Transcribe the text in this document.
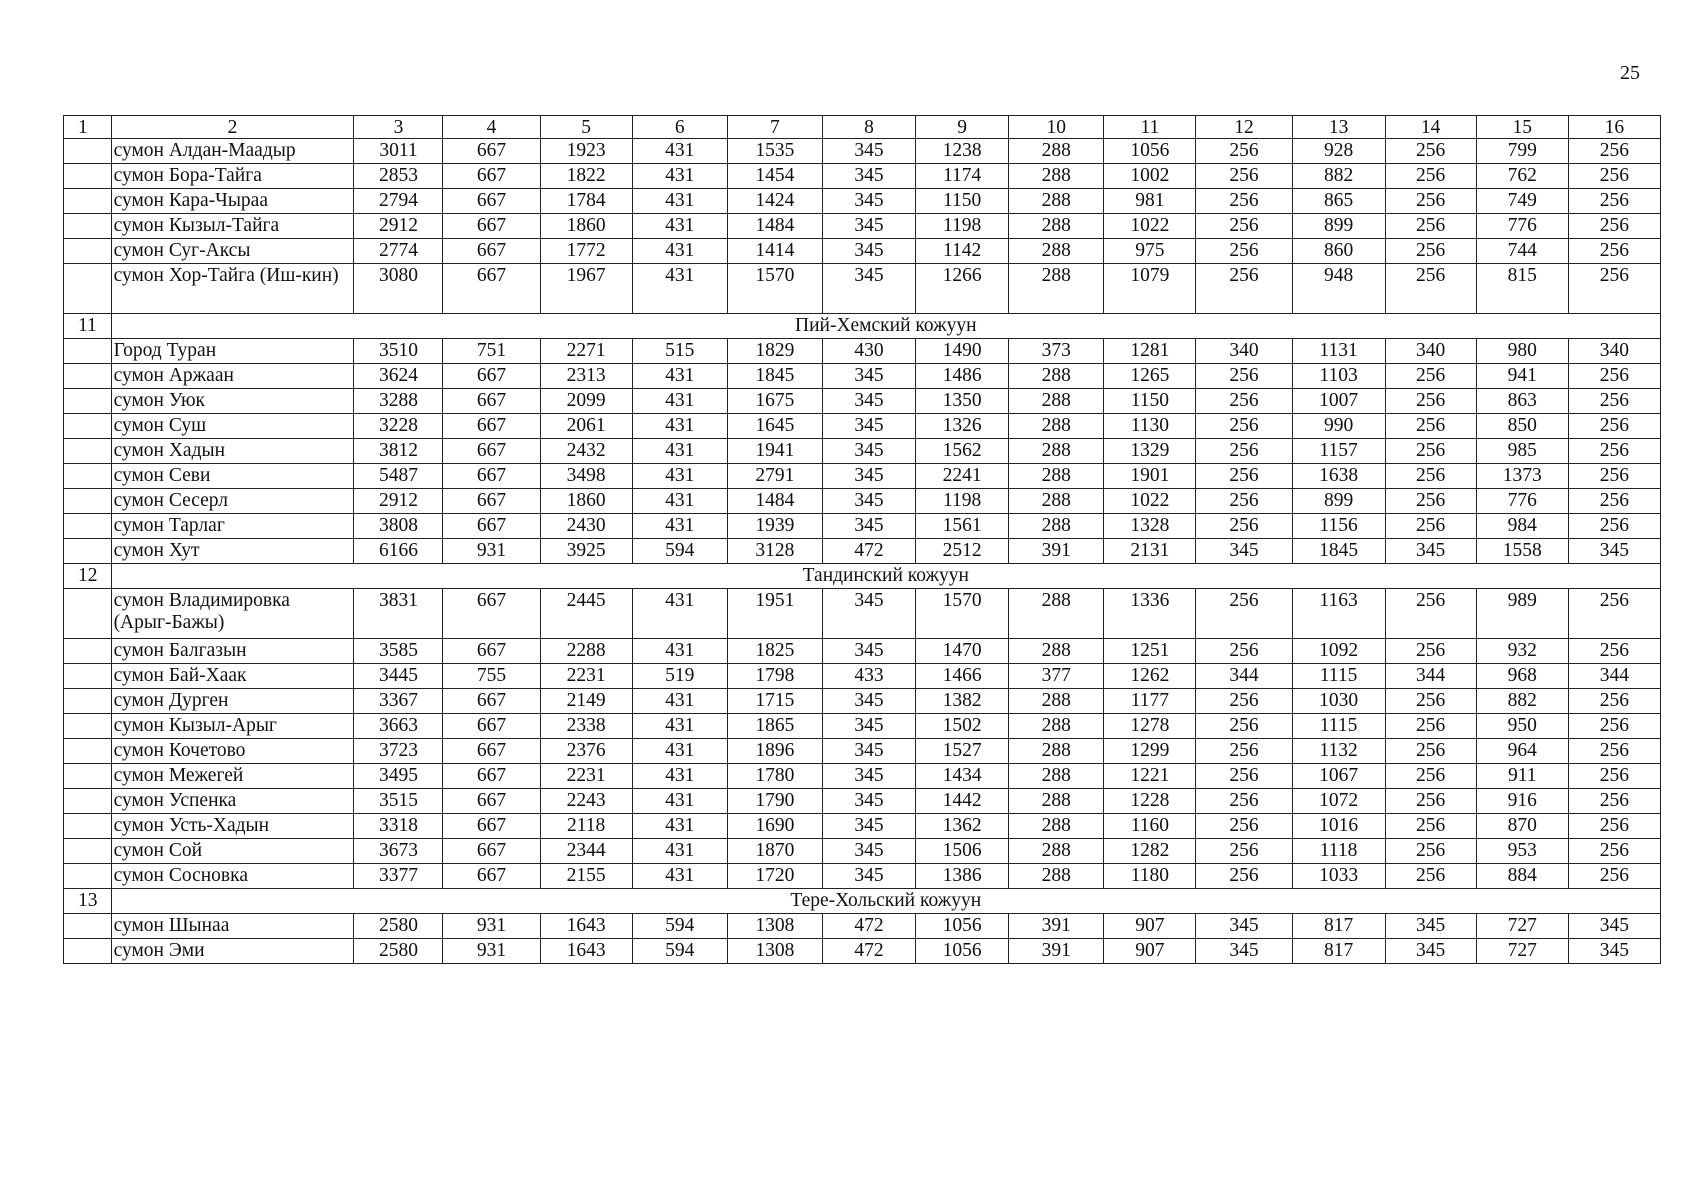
25
1	2	3	4	5	6	7	8	9	10	11	12	13	14	15	16
	сумон Алдан-Маадыр	3011	667	1923	431	1535	345	1238	288	1056	256	928	256	799	256
	сумон Бора-Тайга	2853	667	1822	431	1454	345	1174	288	1002	256	882	256	762	256
	сумон Кара-Чыраа	2794	667	1784	431	1424	345	1150	288	981	256	865	256	749	256
	сумон Кызыл-Тайга	2912	667	1860	431	1484	345	1198	288	1022	256	899	256	776	256
	сумон Суг-Аксы	2774	667	1772	431	1414	345	1142	288	975	256	860	256	744	256
	сумон Хор-Тайга (Иш-кин)	3080	667	1967	431	1570	345	1266	288	1079	256	948	256	815	256
11	Пий-Хемский кожуун														
	Город Туран	3510	751	2271	515	1829	430	1490	373	1281	340	1131	340	980	340
	сумон Аржаан	3624	667	2313	431	1845	345	1486	288	1265	256	1103	256	941	256
	сумон Уюк	3288	667	2099	431	1675	345	1350	288	1150	256	1007	256	863	256
	сумон Суш	3228	667	2061	431	1645	345	1326	288	1130	256	990	256	850	256
	сумон Хадын	3812	667	2432	431	1941	345	1562	288	1329	256	1157	256	985	256
	сумон Севи	5487	667	3498	431	2791	345	2241	288	1901	256	1638	256	1373	256
	сумон Сесерл	2912	667	1860	431	1484	345	1198	288	1022	256	899	256	776	256
	сумон Тарлаг	3808	667	2430	431	1939	345	1561	288	1328	256	1156	256	984	256
	сумон Хут	6166	931	3925	594	3128	472	2512	391	2131	345	1845	345	1558	345
12	Тандинский кожуун														
	сумон Владимировка (Арыг-Бажы)	3831	667	2445	431	1951	345	1570	288	1336	256	1163	256	989	256
	сумон Балгазын	3585	667	2288	431	1825	345	1470	288	1251	256	1092	256	932	256
	сумон Бай-Хаак	3445	755	2231	519	1798	433	1466	377	1262	344	1115	344	968	344
	сумон Дурген	3367	667	2149	431	1715	345	1382	288	1177	256	1030	256	882	256
	сумон Кызыл-Арыг	3663	667	2338	431	1865	345	1502	288	1278	256	1115	256	950	256
	сумон Кочетово	3723	667	2376	431	1896	345	1527	288	1299	256	1132	256	964	256
	сумон Межегей	3495	667	2231	431	1780	345	1434	288	1221	256	1067	256	911	256
	сумон Успенка	3515	667	2243	431	1790	345	1442	288	1228	256	1072	256	916	256
	сумон Усть-Хадын	3318	667	2118	431	1690	345	1362	288	1160	256	1016	256	870	256
	сумон Сой	3673	667	2344	431	1870	345	1506	288	1282	256	1118	256	953	256
	сумон Сосновка	3377	667	2155	431	1720	345	1386	288	1180	256	1033	256	884	256
13	Тере-Хольский кожуун														
	сумон Шынаа	2580	931	1643	594	1308	472	1056	391	907	345	817	345	727	345
	сумон Эми	2580	931	1643	594	1308	472	1056	391	907	345	817	345	727	345
